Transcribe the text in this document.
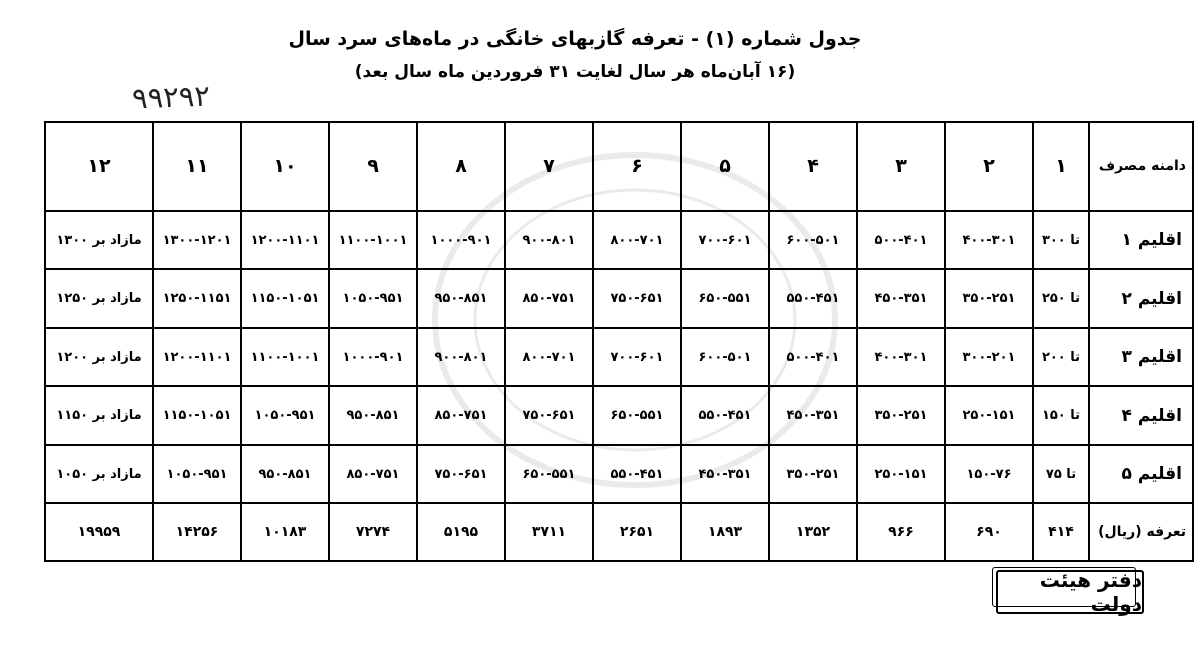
جدول شماره (۱) - تعرفه گازبهای خانگی در ماه‌های سرد سال
(۱۶ آبان‌ماه هر سال لغایت ۳۱ فروردین ماه سال بعد)
۹۹۲۹۲
دامنه مصرف	۱	۲	۳	۴	۵	۶	۷	۸	۹	۱۰	۱۱	۱۲
اقلیم ۱	تا ۳۰۰	۴۰۰-۳۰۱	۵۰۰-۴۰۱	۶۰۰-۵۰۱	۷۰۰-۶۰۱	۸۰۰-۷۰۱	۹۰۰-۸۰۱	۱۰۰۰-۹۰۱	۱۱۰۰-۱۰۰۱	۱۲۰۰-۱۱۰۱	۱۳۰۰-۱۲۰۱	مازاد بر ۱۳۰۰
اقلیم ۲	تا ۲۵۰	۳۵۰-۲۵۱	۴۵۰-۳۵۱	۵۵۰-۴۵۱	۶۵۰-۵۵۱	۷۵۰-۶۵۱	۸۵۰-۷۵۱	۹۵۰-۸۵۱	۱۰۵۰-۹۵۱	۱۱۵۰-۱۰۵۱	۱۲۵۰-۱۱۵۱	مازاد بر ۱۲۵۰
اقلیم ۳	تا ۲۰۰	۳۰۰-۲۰۱	۴۰۰-۳۰۱	۵۰۰-۴۰۱	۶۰۰-۵۰۱	۷۰۰-۶۰۱	۸۰۰-۷۰۱	۹۰۰-۸۰۱	۱۰۰۰-۹۰۱	۱۱۰۰-۱۰۰۱	۱۲۰۰-۱۱۰۱	مازاد بر ۱۲۰۰
اقلیم ۴	تا ۱۵۰	۲۵۰-۱۵۱	۳۵۰-۲۵۱	۴۵۰-۳۵۱	۵۵۰-۴۵۱	۶۵۰-۵۵۱	۷۵۰-۶۵۱	۸۵۰-۷۵۱	۹۵۰-۸۵۱	۱۰۵۰-۹۵۱	۱۱۵۰-۱۰۵۱	مازاد بر ۱۱۵۰
اقلیم ۵	تا ۷۵	۱۵۰-۷۶	۲۵۰-۱۵۱	۳۵۰-۲۵۱	۴۵۰-۳۵۱	۵۵۰-۴۵۱	۶۵۰-۵۵۱	۷۵۰-۶۵۱	۸۵۰-۷۵۱	۹۵۰-۸۵۱	۱۰۵۰-۹۵۱	مازاد بر ۱۰۵۰
تعرفه (ریال)	۴۱۴	۶۹۰	۹۶۶	۱۳۵۲	۱۸۹۳	۲۶۵۱	۳۷۱۱	۵۱۹۵	۷۲۷۴	۱۰۱۸۳	۱۴۲۵۶	۱۹۹۵۹
دفتر هیئت دولت
